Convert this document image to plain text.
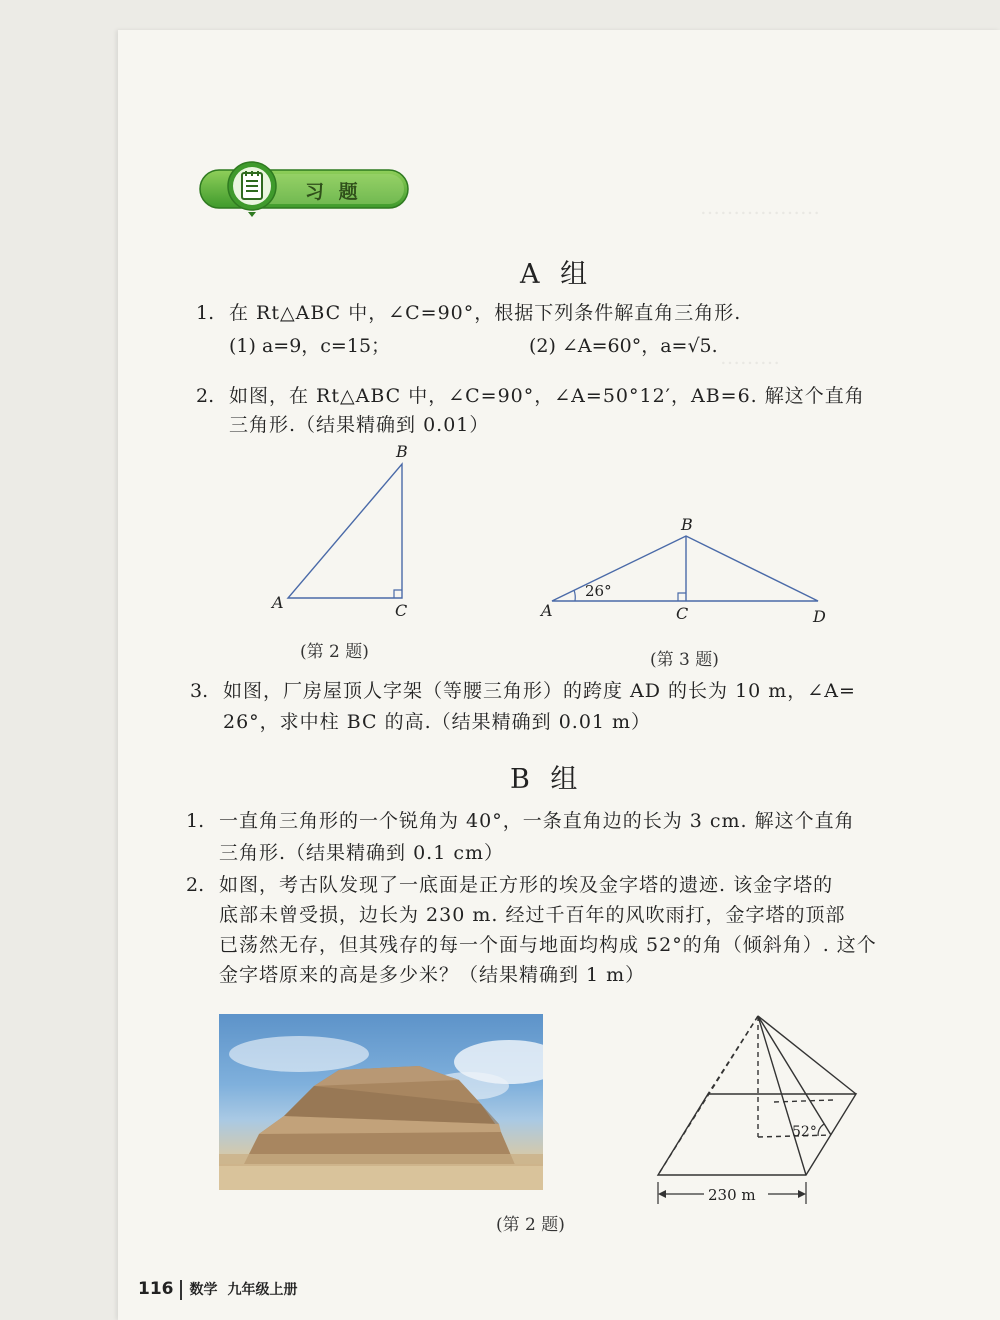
………………
………
习 题
A 组
1. 在 Rt△ABC 中，∠C=90°，根据下列条件解直角三角形.
(1) a=9，c=15；	(2) ∠A=60°，a=√5.
2. 如图，在 Rt△ABC 中，∠C=90°，∠A=50°12′，AB=6. 解这个直角
三角形.（结果精确到 0.01）
A
B
C
(第 2 题)
26°
A
B
C	D
(第 3 题)
3. 如图，厂房屋顶人字架（等腰三角形）的跨度 AD 的长为 10 m，∠A=
26°，求中柱 BC 的高.（结果精确到 0.01 m）
B 组
1. 一直角三角形的一个锐角为 40°，一条直角边的长为 3 cm. 解这个直角
三角形.（结果精确到 0.1 cm）
2. 如图，考古队发现了一底面是正方形的埃及金字塔的遗迹. 该金字塔的
底部未曾受损，边长为 230 m. 经过千百年的风吹雨打，金字塔的顶部
已荡然无存，但其残存的每一个面与地面均构成 52°的角（倾斜角）. 这个
金字塔原来的高是多少米？（结果精确到 1 m）
52°
230 m
(第 2 题)
116 数学 九年级上册
